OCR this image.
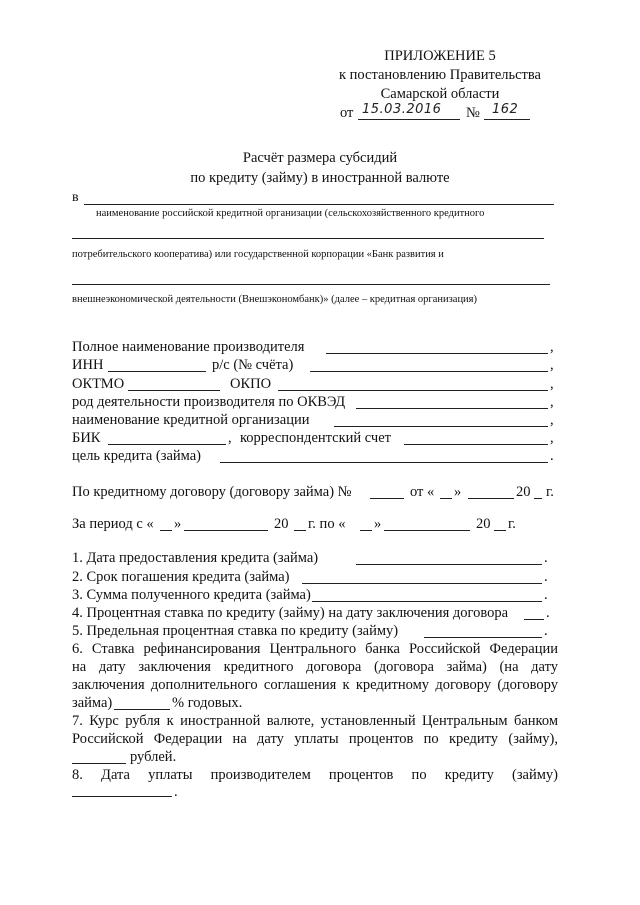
ПРИЛОЖЕНИЕ 5
к постановлению Правительства
Самарской области
от 15.03.2016 № 162
Расчёт размера субсидий
по кредиту (займу) в иностранной валюте
в
наименование российской кредитной организации (сельскохозяйственного кредитного
потребительского кооператива) или государственной корпорации «Банк развития и
внешнеэкономической деятельности (Внешэкономбанк)» (далее – кредитная организация)
Полное наименование производителя	,
ИНН	р/с (№ счёта)	,
ОКТМО	ОКПО	,
род деятельности производителя по ОКВЭД	,
наименование кредитной организации	,
БИК	, корреспондентский счет	,
цель кредита (займа)	.
По кредитному договору (договору займа) №	от « »	20 г.
За период с « »	20 г. по « »	20 г.
1. Дата предоставления кредита (займа)	.
2. Срок погашения кредита (займа)	.
3. Сумма полученного кредита (займа)	.
4. Процентная ставка по кредиту (займу) на дату заключения договора	.
5. Предельная процентная ставка по кредиту (займу)	.
6. Ставка рефинансирования Центрального банка Российской Федерации
на дату заключения кредитного договора (договора займа) (на дату
заключения дополнительного соглашения к кредитному договору (договору
займа)	% годовых.
7. Курс рубля к иностранной валюте, установленный Центральным банком
Российской Федерации на дату уплаты процентов по кредиту (займу),
рублей.
8. Дата уплаты производителем процентов по кредиту (займу)
.
